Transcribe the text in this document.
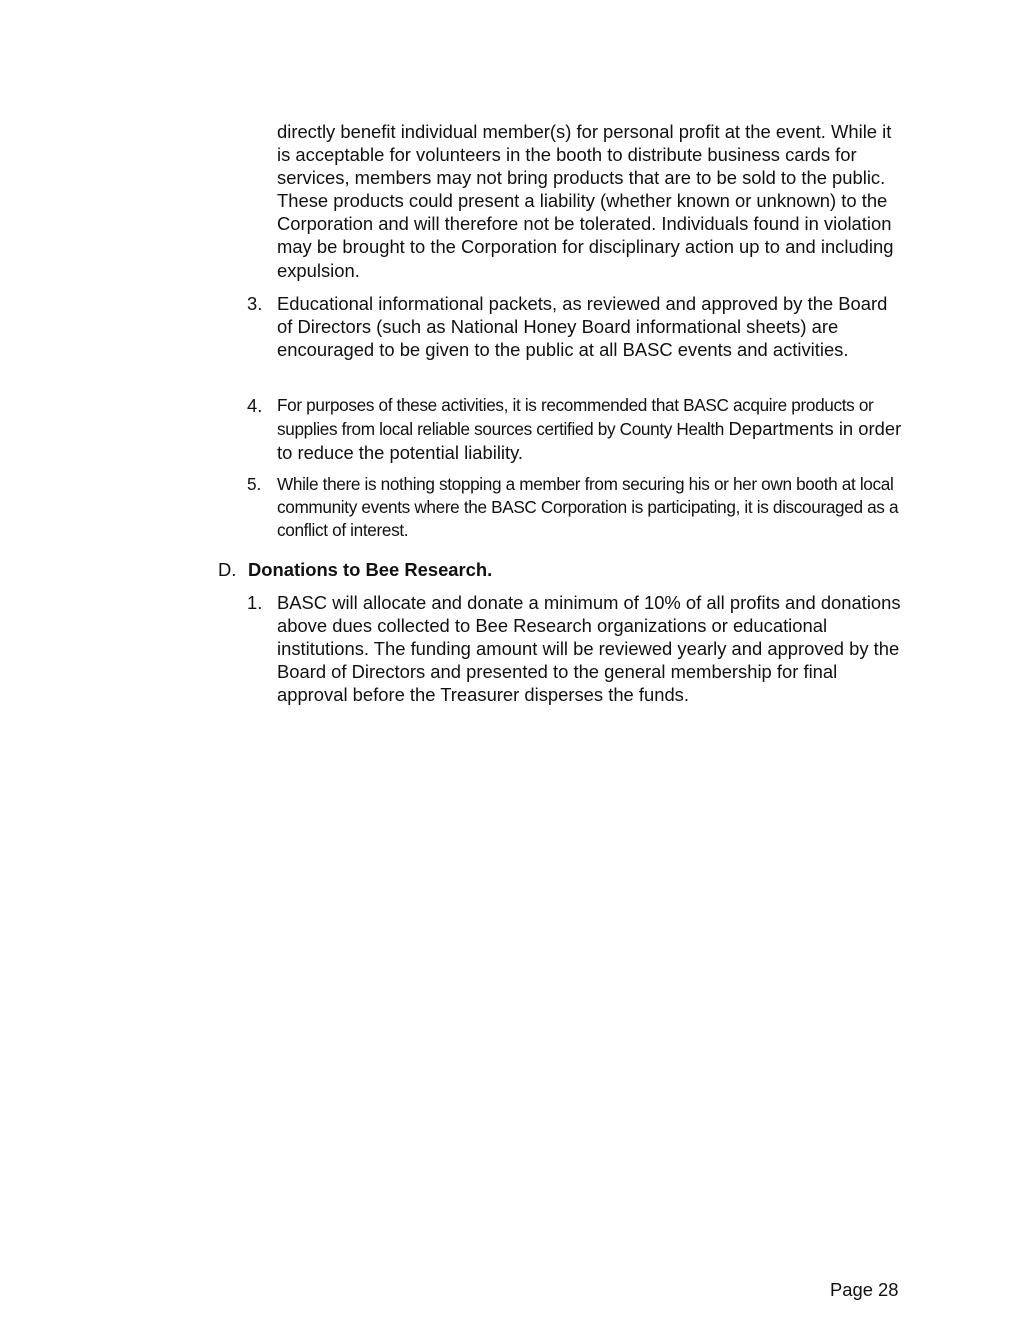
directly benefit individual member(s) for personal profit at the event. While it is acceptable for volunteers in the booth to distribute business cards for services, members may not bring products that are to be sold to the public. These products could present a liability (whether known or unknown) to the Corporation and will therefore not be tolerated. Individuals found in violation may be brought to the Corporation for disciplinary action up to and including expulsion.

3. Educational informational packets, as reviewed and approved by the Board of Directors (such as National Honey Board informational sheets) are encouraged to be given to the public at all BASC events and activities.

4. For purposes of these activities, it is recommended that BASC acquire products or supplies from local reliable sources certified by County Health Departments in order to reduce the potential liability.

5. While there is nothing stopping a member from securing his or her own booth at local community events where the BASC Corporation is participating, it is discouraged as a conflict of interest.

D. Donations to Bee Research.
1. BASC will allocate and donate a minimum of 10% of all profits and donations above dues collected to Bee Research organizations or educational institutions. The funding amount will be reviewed yearly and approved by the Board of Directors and presented to the general membership for final approval before the Treasurer disperses the funds.

Page 28
